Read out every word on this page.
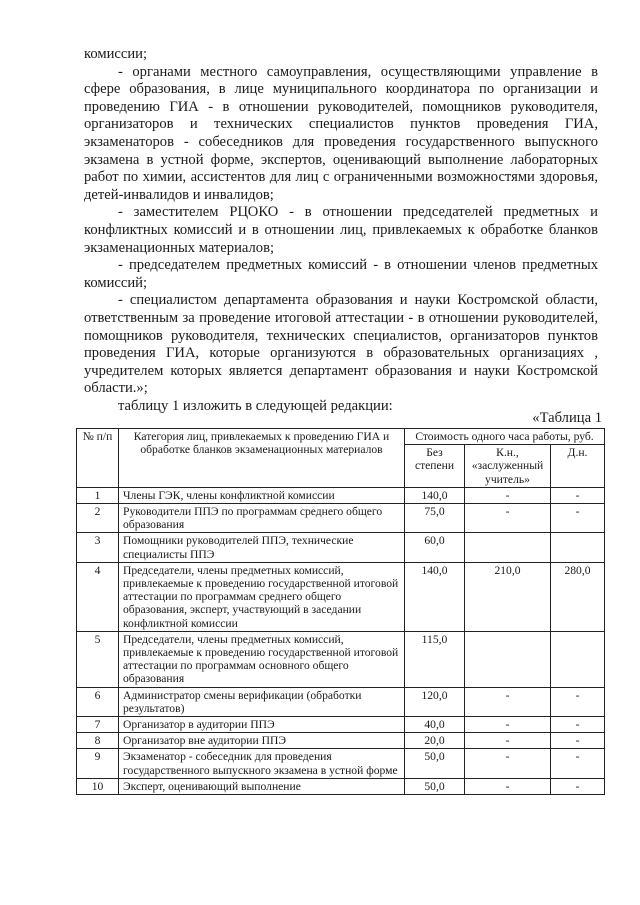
комиссии;

- органами местного самоуправления, осуществляющими управление в сфере образования, в лице муниципального координатора по организации и проведению ГИА - в отношении руководителей, помощников руководителя, организаторов и технических специалистов пунктов проведения ГИА, экзаменаторов - собеседников для проведения государственного выпускного экзамена в устной форме, экспертов, оценивающий выполнение лабораторных работ по химии, ассистентов для лиц с ограниченными возможностями здоровья, детей-инвалидов и инвалидов;

- заместителем РЦОКО - в отношении председателей предметных и конфликтных комиссий и в отношении лиц, привлекаемых к обработке бланков экзаменационных материалов;

- председателем предметных комиссий - в отношении членов предметных комиссий;

- специалистом департамента образования и науки Костромской области, ответственным за проведение итоговой аттестации - в отношении руководителей, помощников руководителя, технических специалистов, организаторов пунктов проведения ГИА, которые организуются в образовательных организациях , учредителем которых является департамент образования и науки Костромской области.»;

таблицу 1 изложить в следующей редакции:

«Таблица 1
№ п/п	Категория лиц, привлекаемых к проведению ГИА и обработке бланков экзаменационных материалов	Стоимость одного часа работы, руб.		
		Без степени	К.н., «заслуженный учитель»	Д.н.
1	Члены ГЭК, члены конфликтной комиссии	140,0	-	-
2	Руководители ППЭ по программам среднего общего образования	75,0	-	-
3	Помощники руководителей ППЭ, технические специалисты ППЭ	60,0		
4	Председатели, члены предметных комиссий, привлекаемые к проведению государственной итоговой аттестации по программам среднего общего образования, эксперт, участвующий в заседании конфликтной комиссии	140,0	210,0	280,0
5	Председатели, члены предметных комиссий, привлекаемые к проведению государственной итоговой аттестации по программам основного общего образования	115,0		
6	Администратор смены верификации (обработки результатов)	120,0	-	-
7	Организатор в аудитории ППЭ	40,0	-	-
8	Организатор вне аудитории ППЭ	20,0	-	-
9	Экзаменатор - собеседник для проведения государственного выпускного экзамена в устной форме	50,0	-	-
10	Эксперт, оценивающий выполнение	50,0	-	-
